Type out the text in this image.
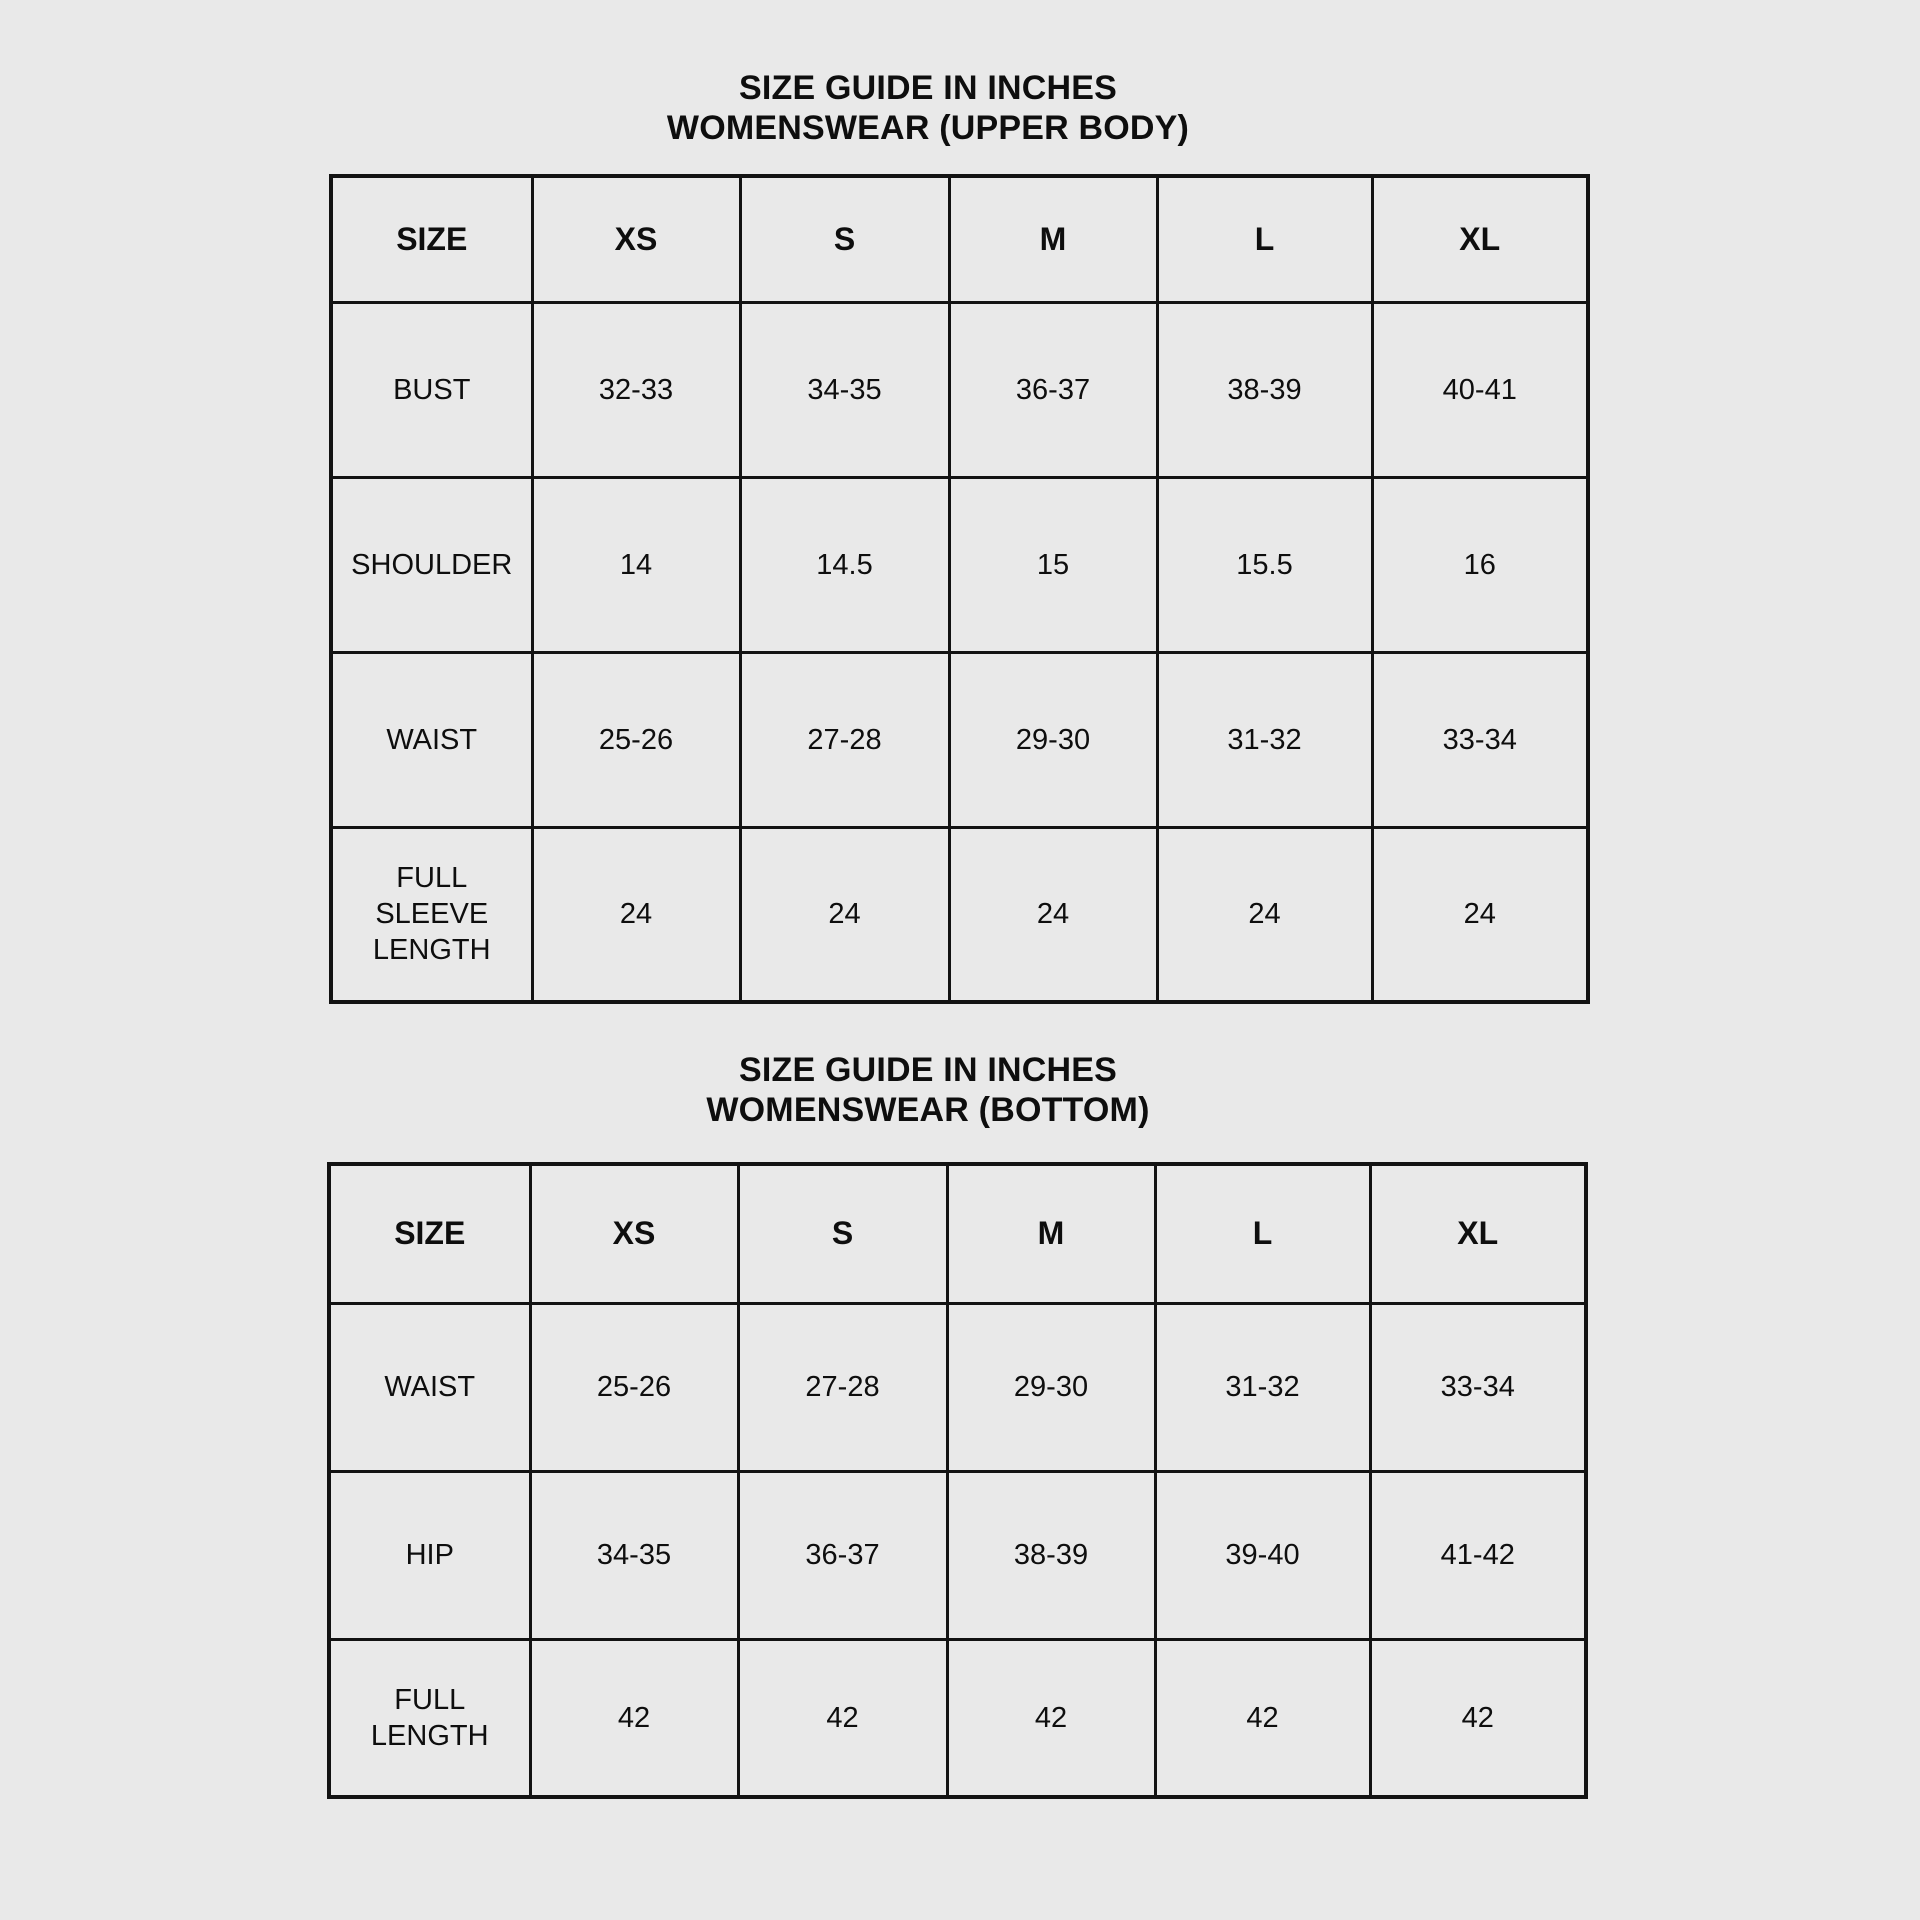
SIZE GUIDE IN INCHES
WOMENSWEAR (UPPER BODY)
SIZE	XS	S	M	L	XL
BUST	32-33	34-35	36-37	38-39	40-41
SHOULDER	14	14.5	15	15.5	16
WAIST	25-26	27-28	29-30	31-32	33-34
FULL SLEEVE LENGTH	24	24	24	24	24
SIZE GUIDE IN INCHES
WOMENSWEAR (BOTTOM)
SIZE	XS	S	M	L	XL
WAIST	25-26	27-28	29-30	31-32	33-34
HIP	34-35	36-37	38-39	39-40	41-42
FULL LENGTH	42	42	42	42	42
